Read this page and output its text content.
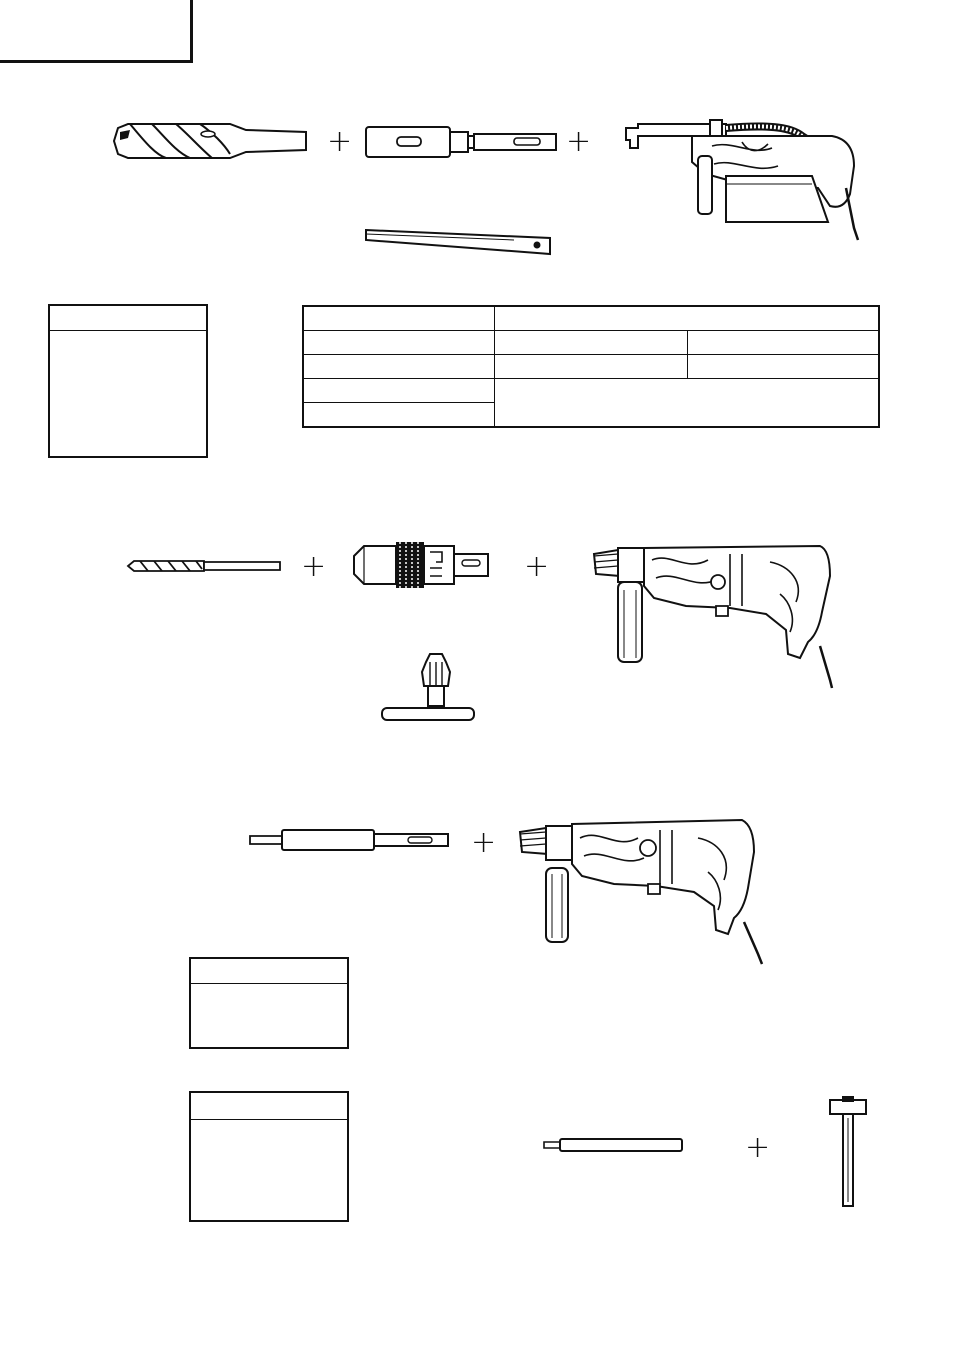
+	+

+	+
+
+
